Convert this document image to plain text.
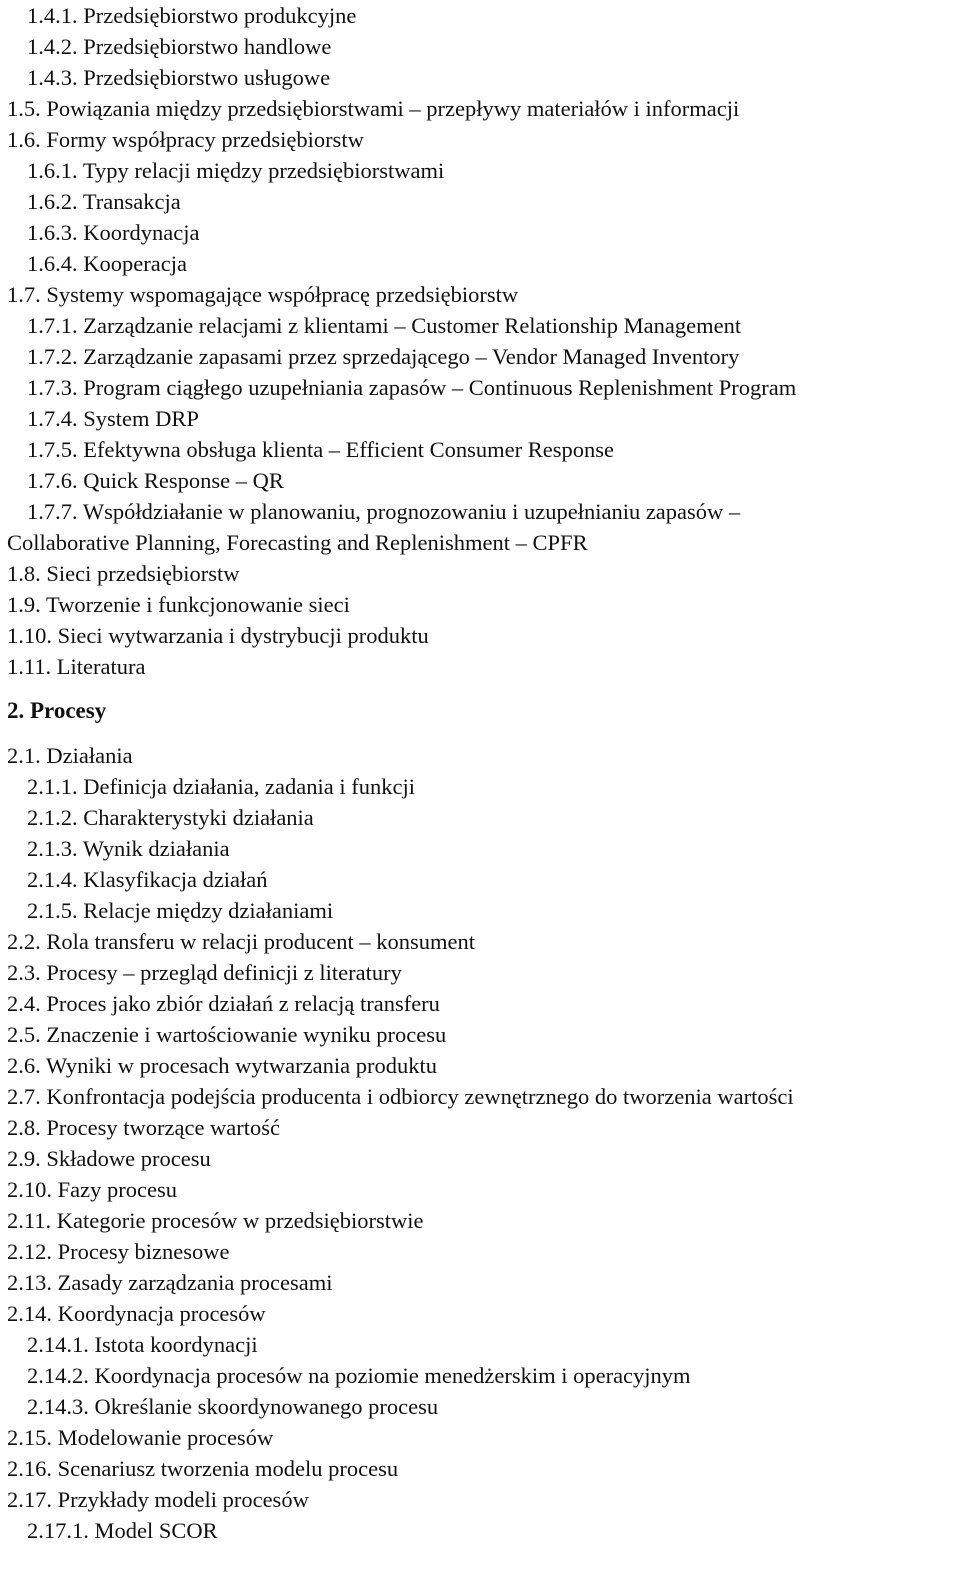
1.4.1. Przedsiębiorstwo produkcyjne
1.4.2. Przedsiębiorstwo handlowe
1.4.3. Przedsiębiorstwo usługowe
1.5. Powiązania między przedsiębiorstwami – przepływy materiałów i informacji
1.6. Formy współpracy przedsiębiorstw
1.6.1. Typy relacji między przedsiębiorstwami
1.6.2. Transakcja
1.6.3. Koordynacja
1.6.4. Kooperacja
1.7. Systemy wspomagające współpracę przedsiębiorstw
1.7.1. Zarządzanie relacjami z klientami – Customer Relationship Management
1.7.2. Zarządzanie zapasami przez sprzedającego – Vendor Managed Inventory
1.7.3. Program ciągłego uzupełniania zapasów – Continuous Replenishment Program
1.7.4. System DRP
1.7.5. Efektywna obsługa klienta – Efficient Consumer Response
1.7.6. Quick Response – QR
1.7.7. Współdziałanie w planowaniu, prognozowaniu i uzupełnianiu zapasów –
Collaborative Planning, Forecasting and Replenishment – CPFR
1.8. Sieci przedsiębiorstw
1.9. Tworzenie i funkcjonowanie sieci
1.10. Sieci wytwarzania i dystrybucji produktu
1.11. Literatura
2. Procesy
2.1. Działania
2.1.1. Definicja działania, zadania i funkcji
2.1.2. Charakterystyki działania
2.1.3. Wynik działania
2.1.4. Klasyfikacja działań
2.1.5. Relacje między działaniami
2.2. Rola transferu w relacji producent – konsument
2.3. Procesy – przegląd definicji z literatury
2.4. Proces jako zbiór działań z relacją transferu
2.5. Znaczenie i wartościowanie wyniku procesu
2.6. Wyniki w procesach wytwarzania produktu
2.7. Konfrontacja podejścia producenta i odbiorcy zewnętrznego do tworzenia wartości
2.8. Procesy tworzące wartość
2.9. Składowe procesu
2.10. Fazy procesu
2.11. Kategorie procesów w przedsiębiorstwie
2.12. Procesy biznesowe
2.13. Zasady zarządzania procesami
2.14. Koordynacja procesów
2.14.1. Istota koordynacji
2.14.2. Koordynacja procesów na poziomie menedżerskim i operacyjnym
2.14.3. Określanie skoordynowanego procesu
2.15. Modelowanie procesów
2.16. Scenariusz tworzenia modelu procesu
2.17. Przykłady modeli procesów
2.17.1. Model SCOR
